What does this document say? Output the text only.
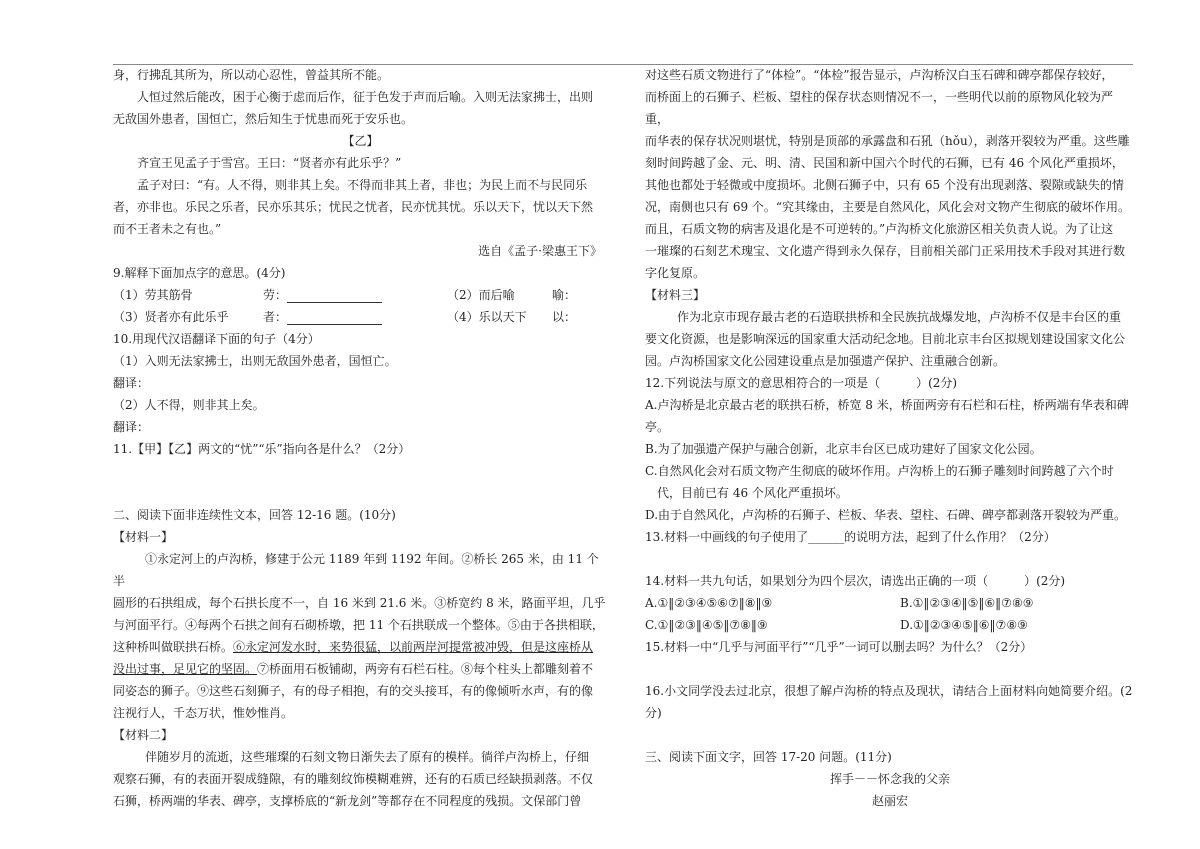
身，行拂乱其所为，所以动心忍性，曾益其所不能。

人恒过然后能改，困于心衡于虑而后作，征于色发于声而后喻。入则无法家拂士，出则

无敌国外患者，国恒亡，然后知生于忧患而死于安乐也。

【乙】

齐宣王见孟子于雪宫。王曰：“贤者亦有此乐乎？”

孟子对曰：“有。人不得，则非其上矣。不得而非其上者，非也；为民上而不与民同乐

者，亦非也。乐民之乐者，民亦乐其乐；忧民之忧者，民亦忧其忧。乐以天下，忧以天下然

而不王者未之有也。”

选自《孟子·梁惠王下》

9.解释下面加点字的意思。(4分)

（1）劳其筋骨	劳：	（2）而后喻	喻：
（3）贤者亦有此乐乎	者：	（4）乐以天下	以：

10.用现代汉语翻译下面的句子（4分）

（1）入则无法家拂士，出则无敌国外患者，国恒亡。

翻译：

（2）人不得，则非其上矣。

翻译：

11.【甲】【乙】两文的“忧”“乐”指向各是什么？（2分）

二、阅读下面非连续性文本，回答 12-16 题。(10分)

【材料一】

①永定河上的卢沟桥，修建于公元 1189 年到 1192 年间。②桥长 265 米，由 11 个半

圆形的石拱组成，每个石拱长度不一，自 16 米到 21.6 米。③桥宽约 8 米，路面平坦，几乎

与河面平行。④每两个石拱之间有石砌桥墩，把 11 个石拱联成一个整体。⑤由于各拱相联，

这种桥叫做联拱石桥。⑥永定河发水时，来势很猛，以前两岸河提常被冲毁，但是这座桥从

没出过事，足见它的坚固。⑦桥面用石板铺砌，两旁有石栏石柱。⑧每个柱头上都雕刻着不

同姿态的狮子。⑨这些石刻狮子，有的母子相抱，有的交头接耳，有的像倾听水声，有的像

注视行人，千态万状，惟妙惟肖。

【材料二】

伴随岁月的流逝，这些璀璨的石刻文物日渐失去了原有的模样。徜徉卢沟桥上，仔细

观察石狮，有的表面开裂成缝隙，有的雕刻纹饰模糊难辨，还有的石质已经缺损剥落。不仅

石狮，桥两端的华表、碑亭，支撑桥底的“新龙剑”等都存在不同程度的残损。文保部门曾

对这些石质文物进行了“体检”。“体检”报告显示，卢沟桥汉白玉石碑和碑亭都保存较好，

而桥面上的石狮子、栏板、望柱的保存状态则情况不一，一些明代以前的原物风化较为严重，

而华表的保存状况则堪忧，特别是顶部的承露盘和石犼（hǒu），剥落开裂较为严重。这些雕

刻时间跨越了金、元、明、清、民国和新中国六个时代的石狮，已有 46 个风化严重损坏，

其他也都处于轻微或中度损坏。北侧石狮子中，只有 65 个没有出现剥落、裂隙或缺失的情

况，南侧也只有 69 个。“究其缘由，主要是自然风化，风化会对文物产生彻底的破坏作用。

而且，石质文物的病害及退化是不可逆转的。”卢沟桥文化旅游区相关负责人说。为了让这

一璀璨的石刻艺术瑰宝、文化遗产得到永久保存，目前相关部门正采用技术手段对其进行数

字化复原。

【材料三】

作为北京市现存最古老的石造联拱桥和全民族抗战爆发地，卢沟桥不仅是丰台区的重

要文化资源，也是影响深远的国家重大活动纪念地。目前北京丰台区拟规划建设国家文化公

园。卢沟桥国家文化公园建设重点是加强遗产保护、注重融合创新。

12.下列说法与原文的意思相符合的一项是（　　　）(2分)

A.卢沟桥是北京最古老的联拱石桥，桥宽 8 米，桥面两旁有石栏和石柱，桥两端有华表和碑

亭。

B.为了加强遗产保护与融合创新，北京丰台区已成功建好了国家文化公园。

C.自然风化会对石质文物产生彻底的破坏作用。卢沟桥上的石狮子雕刻时间跨越了六个时

代，目前已有 46 个风化严重损坏。

D.由于自然风化，卢沟桥的石狮子、栏板、华表、望柱、石碑、碑亭都剥落开裂较为严重。

13.材料一中画线的句子使用了______的说明方法，起到了什么作用？（2分）

14.材料一共九句话，如果划分为四个层次，请选出正确的一项（　　　）(2分)

A.①‖②③④⑤⑥⑦‖⑧‖⑨	B.①‖②③④‖⑤‖⑥‖⑦⑧⑨
C.①‖②③‖④⑤‖⑦⑧‖⑨	D.①‖②③④⑤‖⑥‖⑦⑧⑨

15.材料一中“几乎与河面平行”“几乎”一词可以删去吗？为什么？（2分）

16.小文同学没去过北京，很想了解卢沟桥的特点及现状，请结合上面材料向她简要介绍。(2

分)

三、阅读下面文字，回答 17-20 问题。(11分)

挥手－－怀念我的父亲

赵丽宏
